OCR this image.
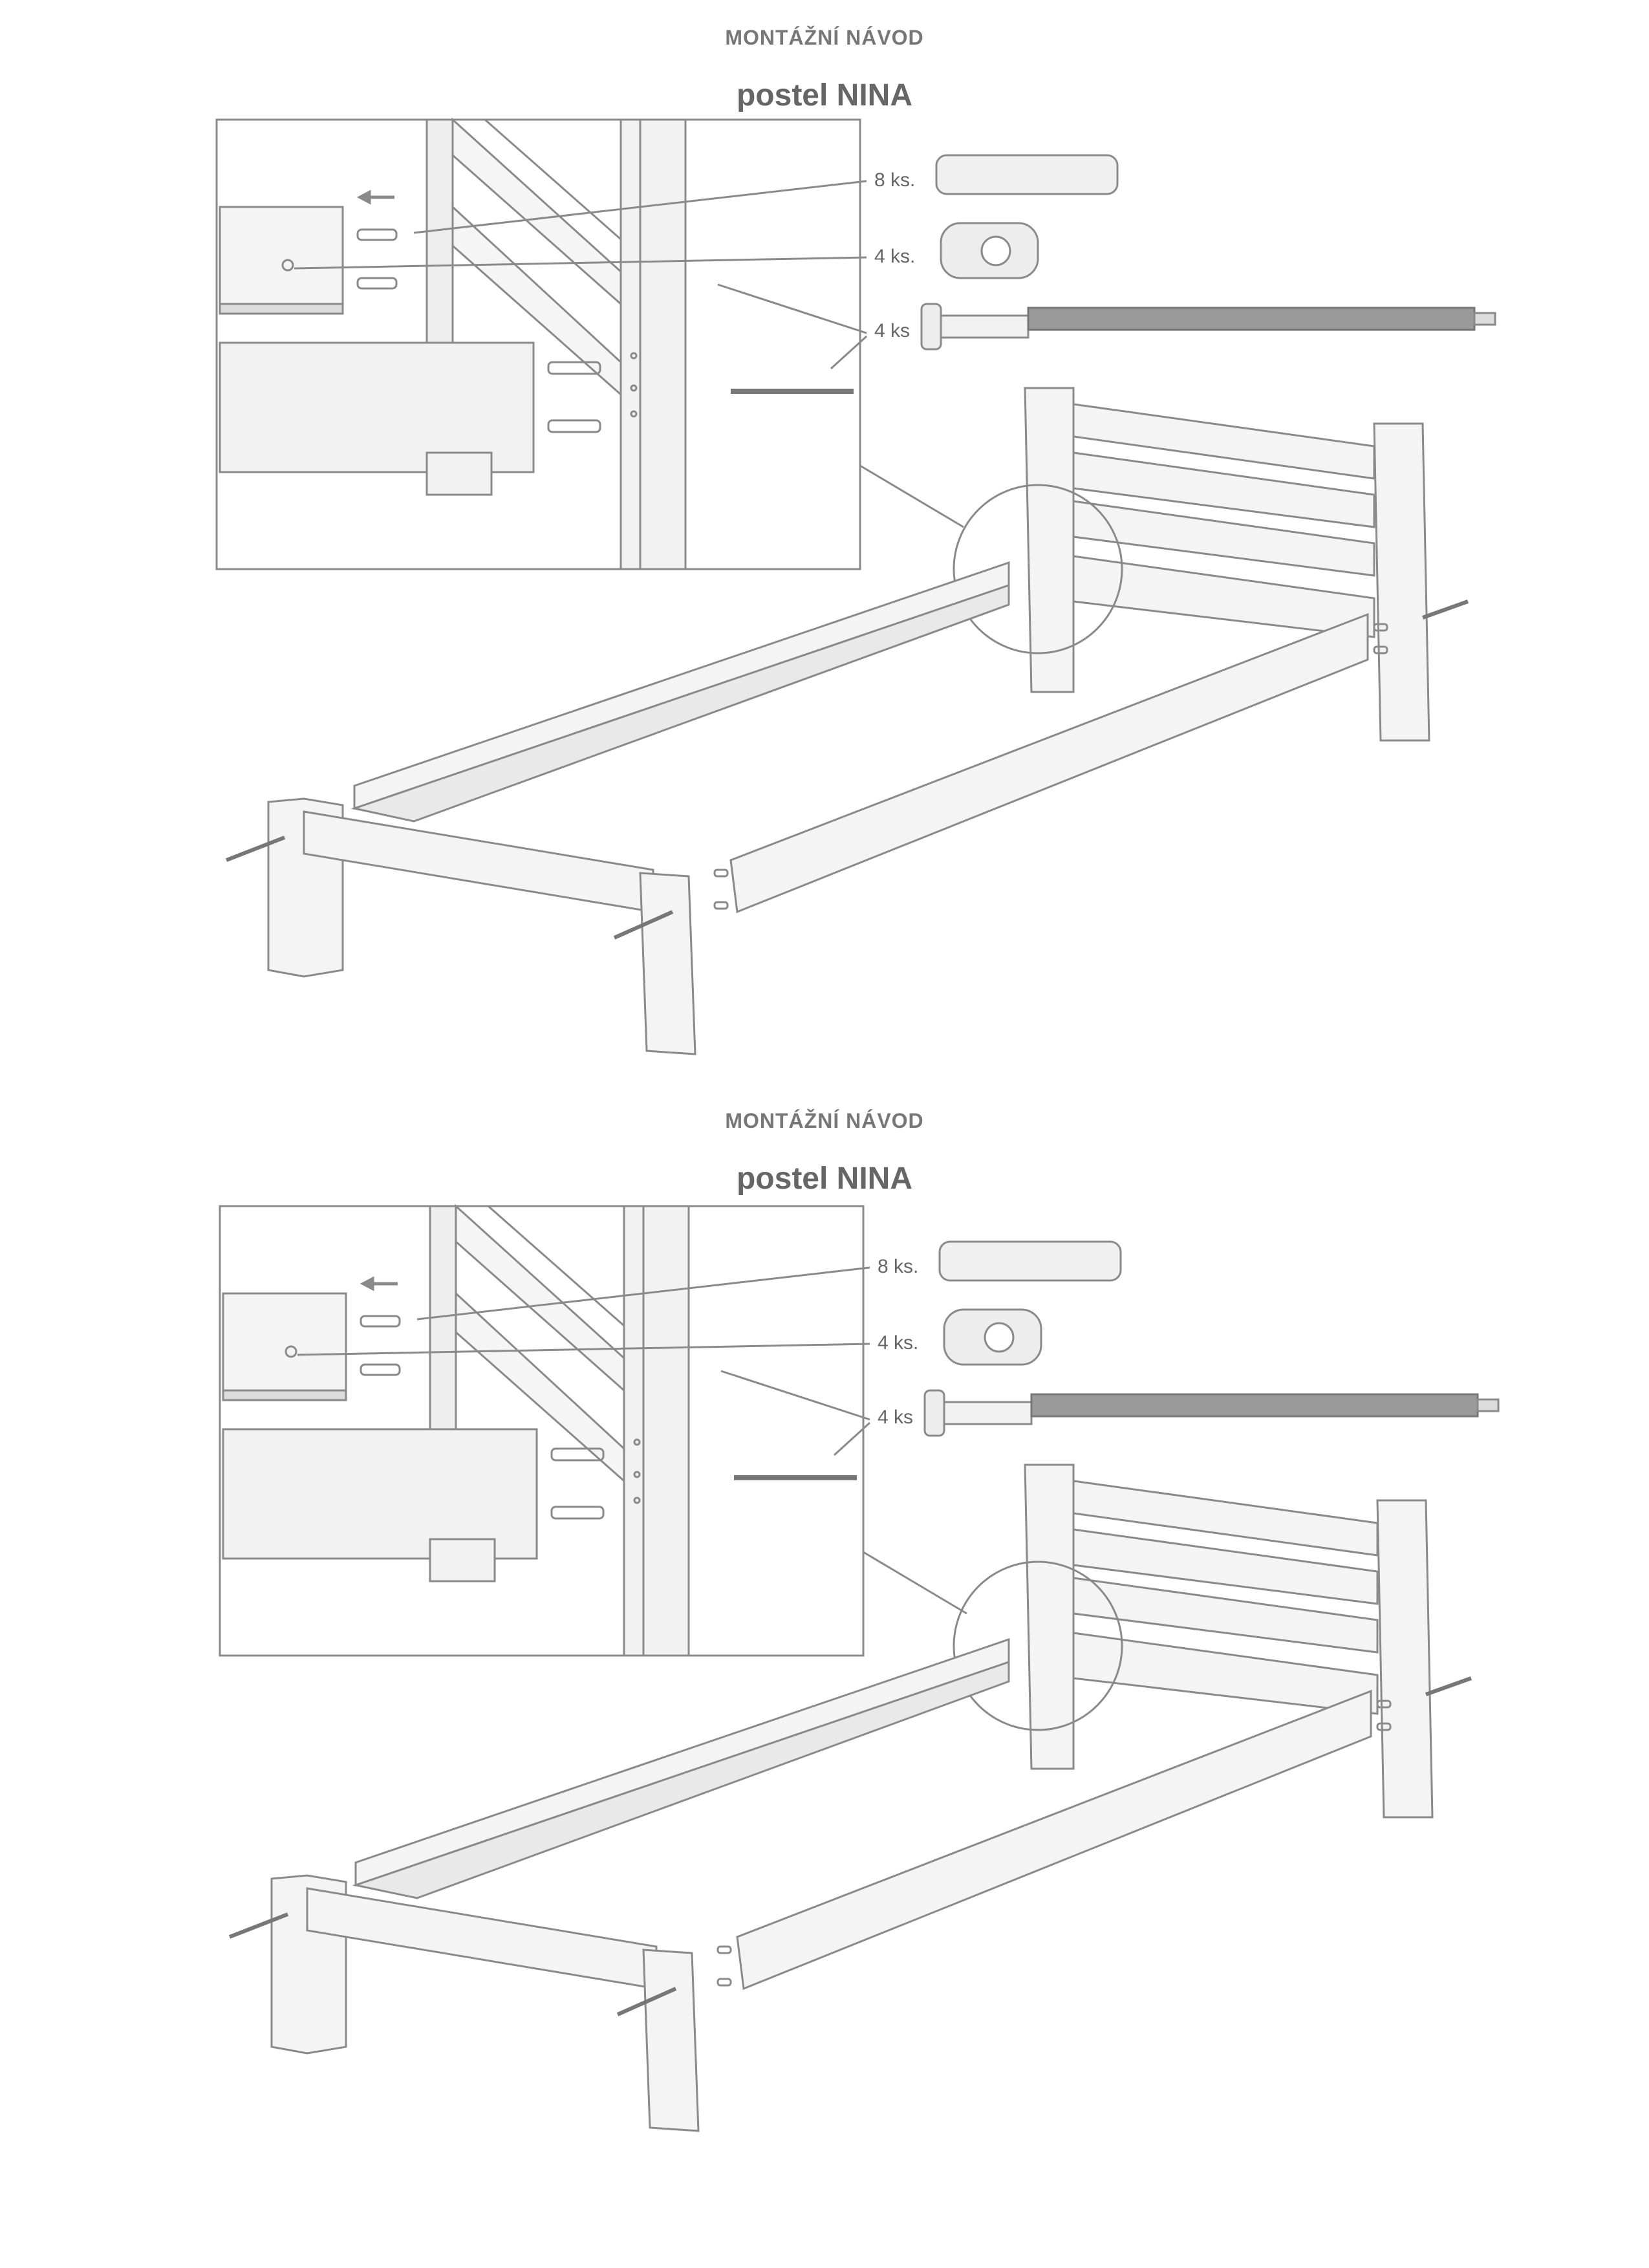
MONTÁŽNÍ NÁVOD

postel NINA

8 ks.
4 ks.
4 ks

MONTÁŽNÍ NÁVOD

postel NINA

8 ks.
4 ks.
4 ks
